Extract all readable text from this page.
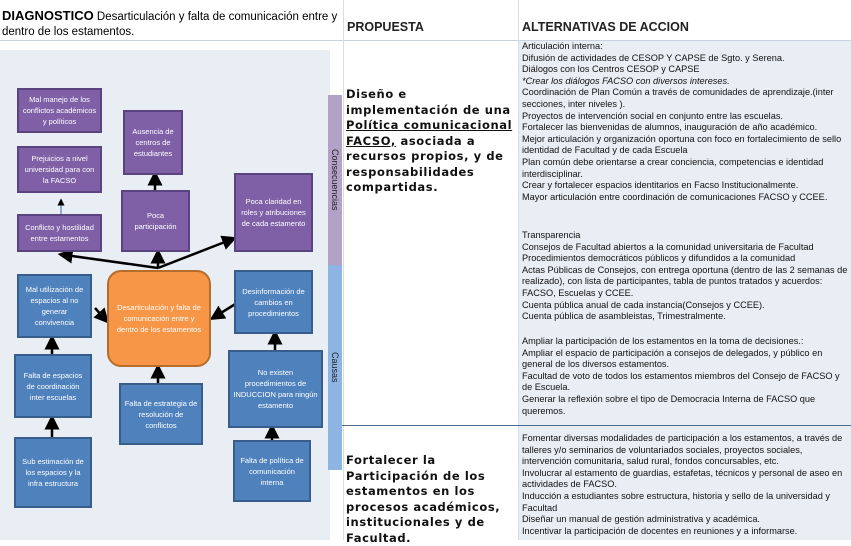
DIAGNOSTICO Desarticulación y falta de comunicación entre y dentro de los estamentos.	PROPUESTA	ALTERNATIVAS DE ACCION
Consecuencias
Causas
Mal manejo de los conflictos académicos y políticos
Prejuicios a nivel universidad para con la FACSO
Ausencia de centros de estudiantes
Conflicto y hostilidad entre estamentos
Poca participación
Poca claridad en roles y atribuciones de cada estamento
Desarticulación y falta de comunicación entre y dentro de los estamentos
Mal utilización de espacios al no generar convivencia
Falta de espacios de coordinación inter escuelas
Sub estimación de los espacios y la infra estructura
Falta de estrategia de resolución de conflictos
Desinformación de cambios en procedimientos
No existen procedimientos de INDUCCION para ningún estamento
Falta de política de comunicación interna
Diseño e implementación de una Política comunicacional FACSO, asociada a recursos propios, y de responsabilidades compartidas.
Fortalecer la Participación de los estamentos en los procesos académicos, institucionales y de Facultad.
Articulación interna:
Difusión de actividades de CESOP Y CAPSE de Sgto. y Serena.
Diálogos con los Centros CESOP y CAPSE
*Crear los diálogos FACSO con diversos intereses.
Coordinación de Plan Común a través de comunidades de aprendizaje.(inter secciones, inter niveles ).
Proyectos de intervención social en conjunto entre las escuelas.
Fortalecer las bienvenidas de alumnos, inauguración de año académico.
Mejor articulación y organización oportuna con foco en fortalecimiento de sello identidad de Facultad y de cada Escuela
Plan común debe orientarse a crear conciencia, competencias e identidad interdisciplinar.
Crear y fortalecer espacios identitarios en Facso Institucionalmente.
Mayor articulación entre coordinación de comunicaciones FACSO y CCEE.
Transparencia
Consejos de Facultad abiertos a la comunidad universitaria de Facultad
Procedimientos democráticos públicos y difundidos a la comunidad
Actas Públicas de Consejos, con entrega oportuna (dentro de las 2 semanas de realizado), con lista de participantes, tabla de puntos tratados y acuerdos: FACSO, Escuelas y CCEE.
Cuenta pública anual de cada instancia(Consejos y CCEE).
Cuenta pública de asambleistas, Trimestralmente.
Ampliar la participación de los estamentos en la toma de decisiones.:
Ampliar el espacio de participación a consejos de delegados, y público en general de los diversos estamentos.
Facultad de voto de todos los estamentos miembros del Consejo de FACSO y de Escuela.
Generar la reflexión sobre el tipo de Democracia Interna de FACSO que queremos.
Fomentar diversas modalidades de participación a los estamentos, a través de talleres y/o seminarios de voluntariados sociales, proyectos sociales, intervención comunitaria, salud rural, fondos concursables, etc.
Involucrar al estamento de guardias, estafetas, técnicos y personal de aseo en actividades de FACSO.
Inducción a estudiantes sobre estructura, historia y sello de la universidad y Facultad
Diseñar un manual de gestión administrativa y académica.
Incentivar la participación de docentes en reuniones y a informarse.
